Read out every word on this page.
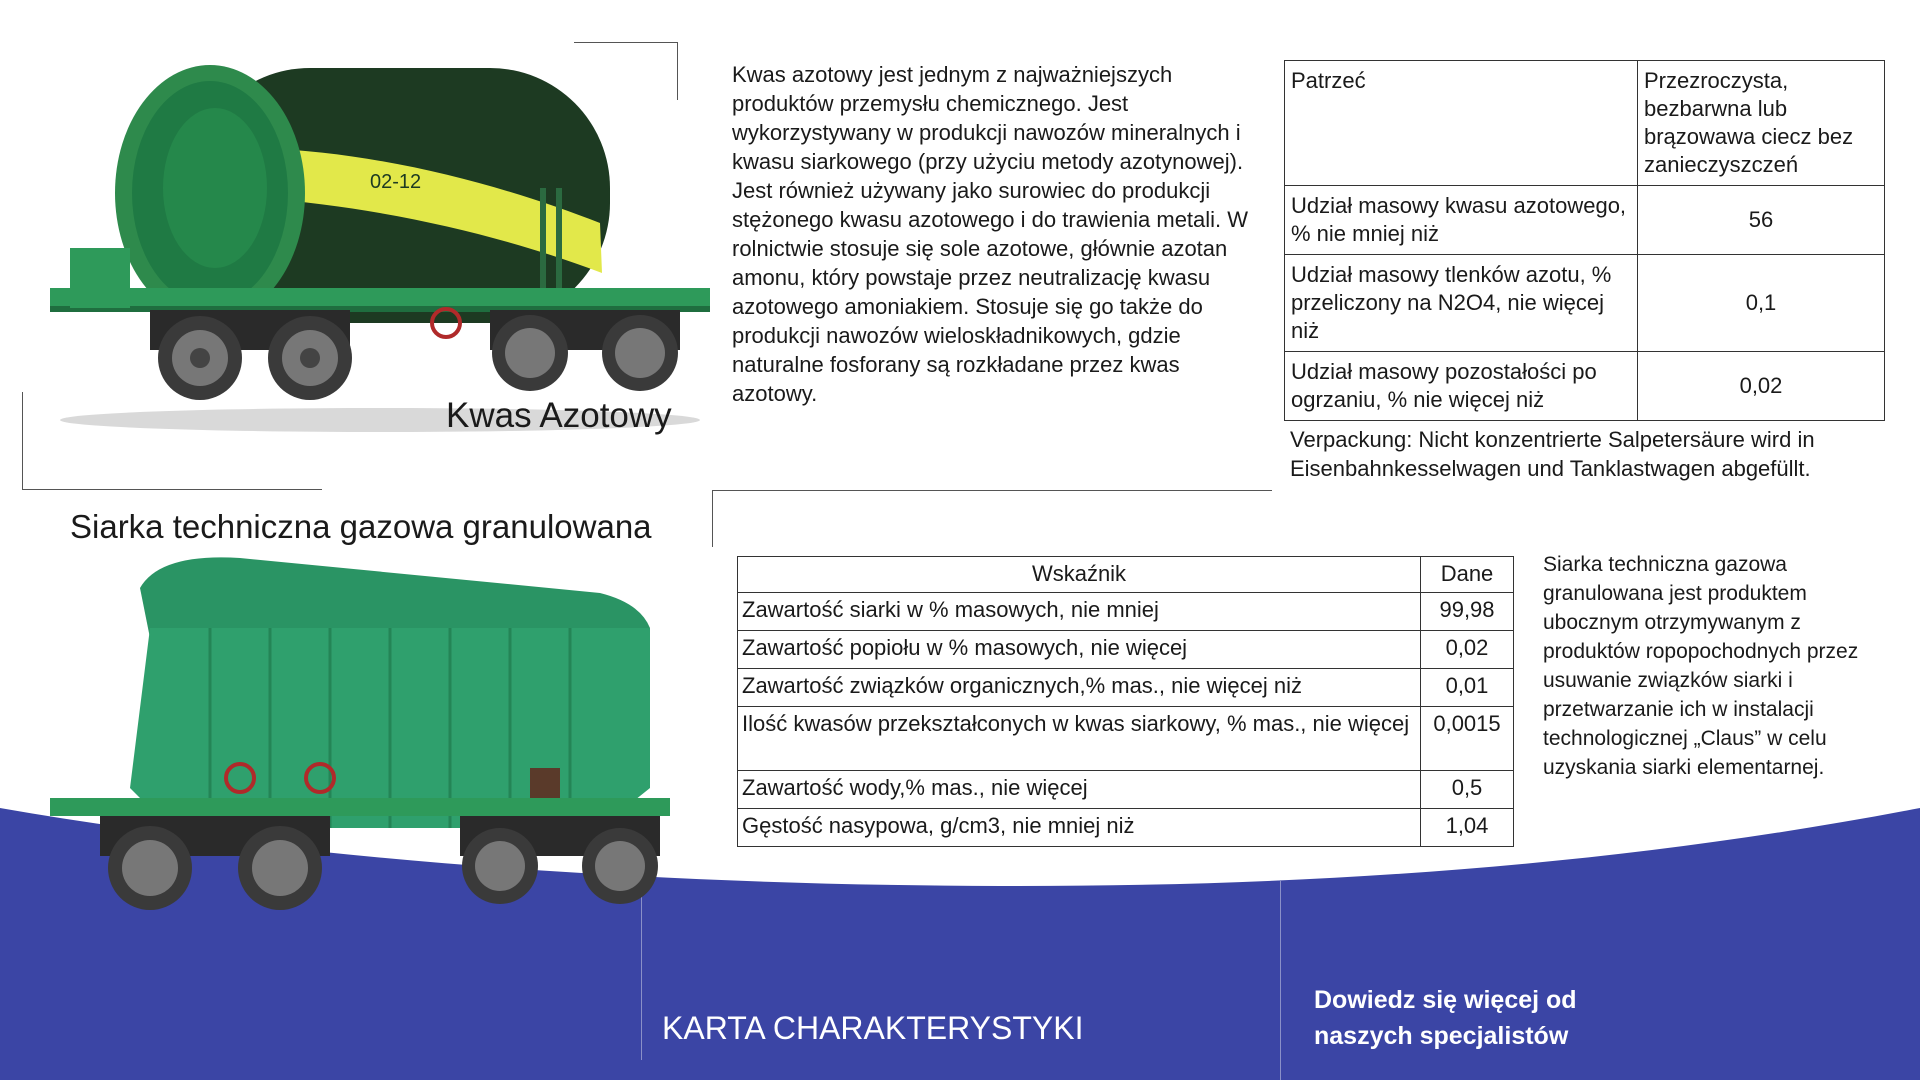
02-12
Kwas Azotowy
Kwas azotowy jest jednym z najważniejszych produktów przemysłu chemicznego. Jest wykorzystywany w produkcji nawozów mineralnych i kwasu siarkowego (przy użyciu metody azotynowej). Jest również używany jako surowiec do produkcji stężonego kwasu azotowego i do trawienia metali. W rolnictwie stosuje się sole azotowe, głównie azotan amonu, który powstaje przez neutralizację kwasu azotowego amoniakiem. Stosuje się go także do produkcji nawozów wieloskładnikowych, gdzie naturalne fosforany są rozkładane przez kwas azotowy.
Patrzeć	Przezroczysta, bezbarwna lub brązowawa ciecz bez zanieczyszczeń
Udział masowy kwasu azotowego, % nie mniej niż	56
Udział masowy tlenków azotu, % przeliczony na N2O4, nie więcej niż	0,1
Udział masowy pozostałości po ogrzaniu, % nie więcej niż	0,02
Verpackung: Nicht konzentrierte Salpetersäure wird in Eisenbahnkesselwagen und Tanklastwagen abgefüllt.
Siarka techniczna gazowa granulowana
Wskaźnik	Dane
Zawartość siarki w % masowych, nie mniej	99,98
Zawartość popiołu w % masowych, nie więcej	0,02
Zawartość związków organicznych,% mas., nie więcej niż	0,01
Ilość kwasów przekształconych w kwas siarkowy, % mas., nie więcej	0,0015
Zawartość wody,% mas., nie więcej	0,5
Gęstość nasypowa, g/cm3, nie mniej niż	1,04
Siarka techniczna gazowa granulowana jest produktem ubocznym otrzymywanym z produktów ropopochodnych przez usuwanie związków siarki i przetwarzanie ich w instalacji technologicznej „Claus” w celu uzyskania siarki elementarnej.
KARTA CHARAKTERYSTYKI
Dowiedz się więcej od
naszych specjalistów
